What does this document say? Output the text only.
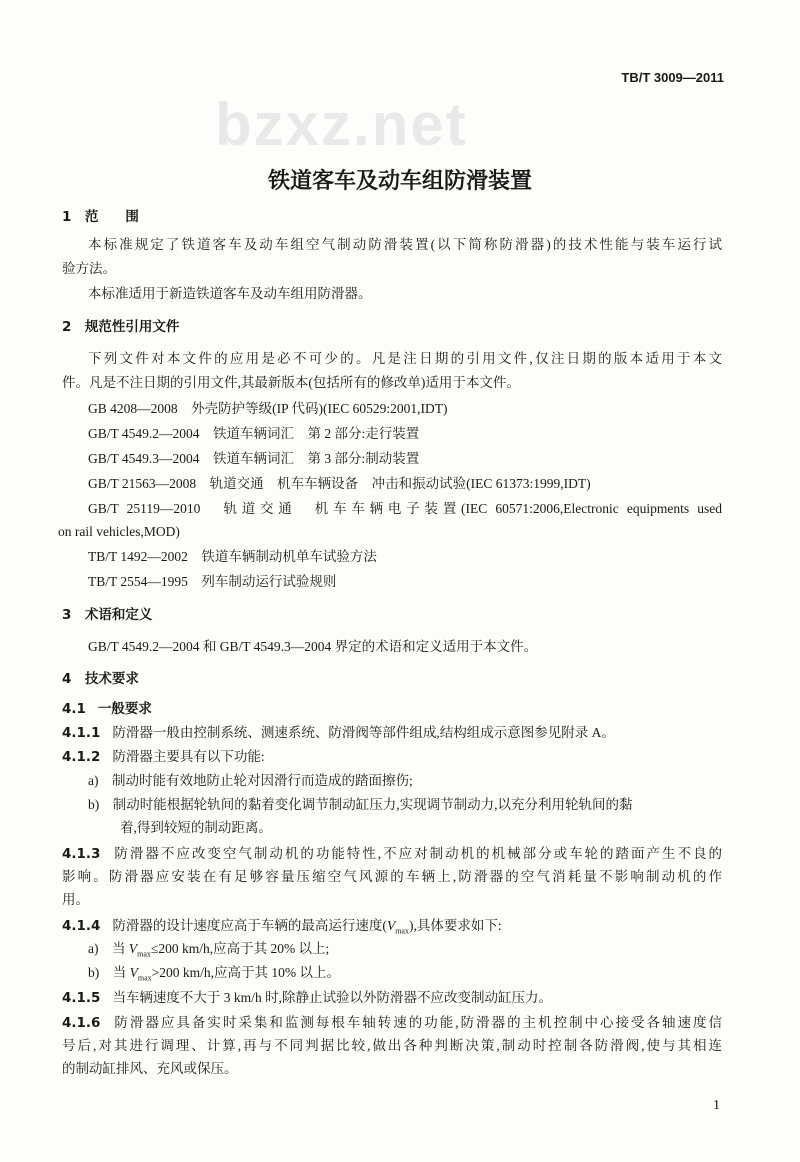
bzxz.net
TB/T 3009—2011
铁道客车及动车组防滑装置
1　 范　　围
本标准规定了铁道客车及动车组空气制动防滑装置(以下简称防滑器)的技术性能与装车运行试
验方法。
本标准适用于新造铁道客车及动车组用防滑器。
2　 规范性引用文件
下列文件对本文件的应用是必不可少的。凡是注日期的引用文件,仅注日期的版本适用于本文
件。凡是不注日期的引用文件,其最新版本(包括所有的修改单)适用于本文件。
GB 4208—2008　外壳防护等级(IP 代码)(IEC 60529:2001,IDT)
GB/T 4549.2—2004　铁道车辆词汇　第 2 部分:走行装置
GB/T 4549.3—2004　铁道车辆词汇　第 3 部分:制动装置
GB/T 21563—2008　轨道交通　机车车辆设备　冲击和振动试验(IEC 61373:1999,IDT)
GB/T 25119—2010　轨道交通　机车车辆电子装置(IEC 60571:2006,Electronic equipments used
on rail vehicles,MOD)
TB/T 1492—2002　铁道车辆制动机单车试验方法
TB/T 2554—1995　列车制动运行试验规则
3　 术语和定义
GB/T 4549.2—2004 和 GB/T 4549.3—2004 界定的术语和定义适用于本文件。
4　 技术要求
4.1 一般要求
4.1.1 防滑器一般由控制系统、测速系统、防滑阀等部件组成,结构组成示意图参见附录 A。
4.1.2 防滑器主要具有以下功能:
a)　 制动时能有效地防止轮对因滑行而造成的踏面擦伤;
b)　 制动时能根据轮轨间的黏着变化调节制动缸压力,实现调节制动力,以充分利用轮轨间的黏
着,得到较短的制动距离。
4.1.3 防滑器不应改变空气制动机的功能特性,不应对制动机的机械部分或车轮的踏面产生不良的
影响。防滑器应安装在有足够容量压缩空气风源的车辆上,防滑器的空气消耗量不影响制动机的作
用。
4.1.4 防滑器的设计速度应高于车辆的最高运行速度$(V_{max})$,具体要求如下:
a)　 当 $V_{max}\le 200$ km/h,应高于其 20% 以上;
b)　 当 $V_{max}>200$ km/h,应高于其 10% 以上。
4.1.5 当车辆速度不大于 3 km/h 时,除静止试验以外防滑器不应改变制动缸压力。
4.1.6 防滑器应具备实时采集和监测每根车轴转速的功能,防滑器的主机控制中心接受各轴速度信
号后,对其进行调理、计算,再与不同判据比较,做出各种判断决策,制动时控制各防滑阀,使与其相连
的制动缸排风、充风或保压。
1
